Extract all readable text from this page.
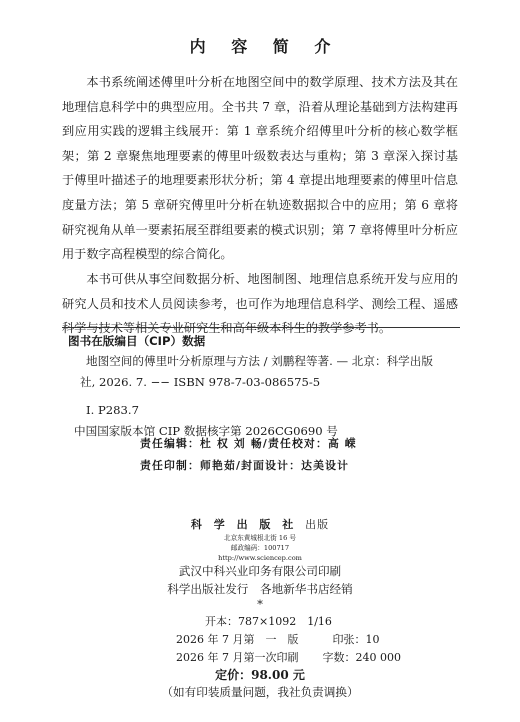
内 容 简 介

本书系统阐述傅里叶分析在地图空间中的数学原理、技术方法及其在地理信息科学中的典型应用。全书共 7 章，沿着从理论基础到方法构建再到应用实践的逻辑主线展开：第 1 章系统介绍傅里叶分析的核心数学框架；第 2 章聚焦地理要素的傅里叶级数表达与重构；第 3 章深入探讨基于傅里叶描述子的地理要素形状分析；第 4 章提出地理要素的傅里叶信息度量方法；第 5 章研究傅里叶分析在轨迹数据拟合中的应用；第 6 章将研究视角从单一要素拓展至群组要素的模式识别；第 7 章将傅里叶分析应用于数字高程模型的综合简化。

本书可供从事空间数据分析、地图制图、地理信息系统开发与应用的研究人员和技术人员阅读参考，也可作为地理信息科学、测绘工程、遥感科学与技术等相关专业研究生和高年级本科生的教学参考书。

图书在版编目（CIP）数据
地图空间的傅里叶分析原理与方法 / 刘鹏程等著. — 北京：科学出版
社, 2026. 7. −− ISBN 978-7-03-086575-5
Ⅰ. P283.7
中国国家版本馆 CIP 数据核字第 2026CG0690 号
责任编辑：杜 权 刘 畅/责任校对：高 嵘
责任印制：师艳茹/封面设计：达美设计
科 学 出 版 社 出版
北京东黄城根北街 16 号
邮政编码：100717
http://www.sciencep.com
武汉中科兴业印务有限公司印刷
科学出版社发行　各地新华书店经销
*
开本：787×1092　1/16
2026 年 7 月第　一　版	印张：10
2026 年 7 月第一次印刷 字数：240 000
定价：98.00 元
（如有印装质量问题，我社负责调换）
